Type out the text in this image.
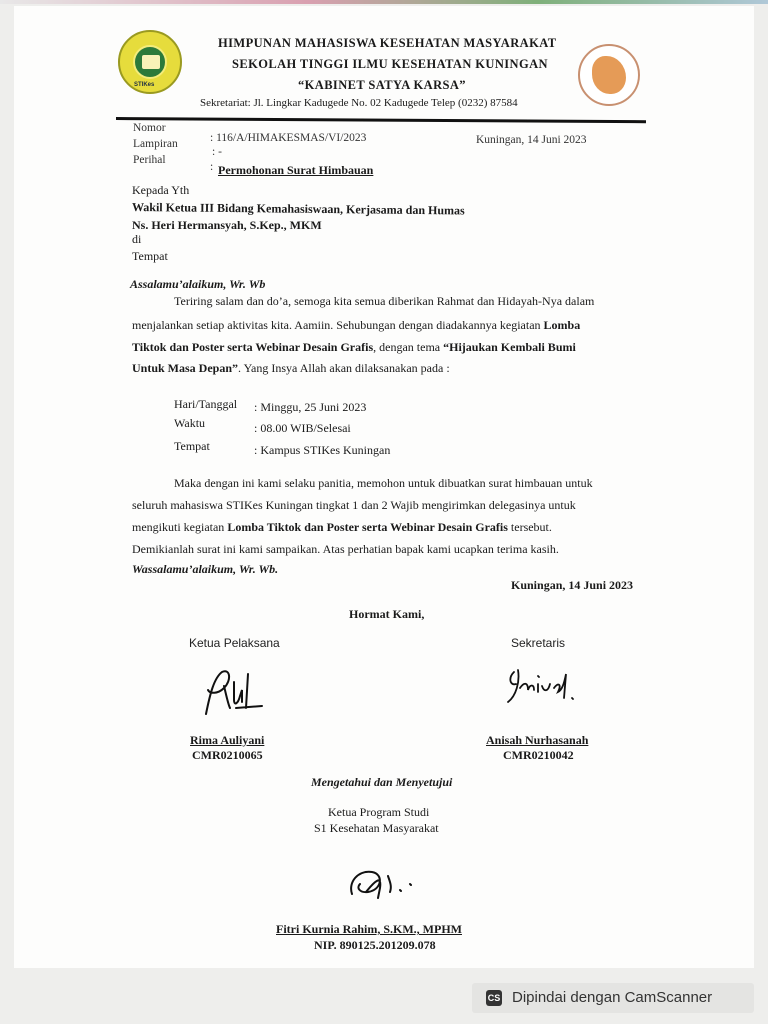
STIKes
HIMPUNAN MAHASISWA KESEHATAN MASYARAKAT
SEKOLAH TINGGI ILMU KESEHATAN KUNINGAN
“KABINET SATYA KARSA”
Sekretariat: Jl. Lingkar Kadugede No. 02 Kadugede Telep (0232) 87584
Nomor
: 116/A/HIMAKESMAS/VI/2023	Kuningan, 14 Juni 2023
Lampiran
: -
Perihal
: Permohonan Surat Himbauan
Kepada Yth
Wakil Ketua III Bidang Kemahasiswaan, Kerjasama dan Humas
Ns. Heri Hermansyah, S.Kep., MKM
di
Tempat
Assalamu’alaikum, Wr. Wb
Teriring salam dan do’a, semoga kita semua diberikan Rahmat dan Hidayah-Nya dalam
menjalankan setiap aktivitas kita. Aamiin. Sehubungan dengan diadakannya kegiatan Lomba
Tiktok dan Poster serta Webinar Desain Grafis, dengan tema “Hijaukan Kembali Bumi
Untuk Masa Depan”. Yang Insya Allah akan dilaksanakan pada :
Hari/Tanggal : Minggu, 25 Juni 2023
Waktu	: 08.00 WIB/Selesai
Tempat	: Kampus STIKes Kuningan
Maka dengan ini kami selaku panitia, memohon untuk dibuatkan surat himbauan untuk
seluruh mahasiswa STIKes Kuningan tingkat 1 dan 2 Wajib mengirimkan delegasinya untuk
mengikuti kegiatan Lomba Tiktok dan Poster serta Webinar Desain Grafis tersebut.
Demikianlah surat ini kami sampaikan. Atas perhatian bapak kami ucapkan terima kasih.
Wassalamu’alaikum, Wr. Wb.
Kuningan, 14 Juni 2023
Hormat Kami,
Ketua Pelaksana	Sekretaris
Rima Auliyani
CMR0210065
Anisah Nurhasanah
CMR0210042
Mengetahui dan Menyetujui
Ketua Program Studi
S1 Kesehatan Masyarakat
Fitri Kurnia Rahim, S.KM., MPHM
NIP. 890125.201209.078
CS Dipindai dengan CamScanner
